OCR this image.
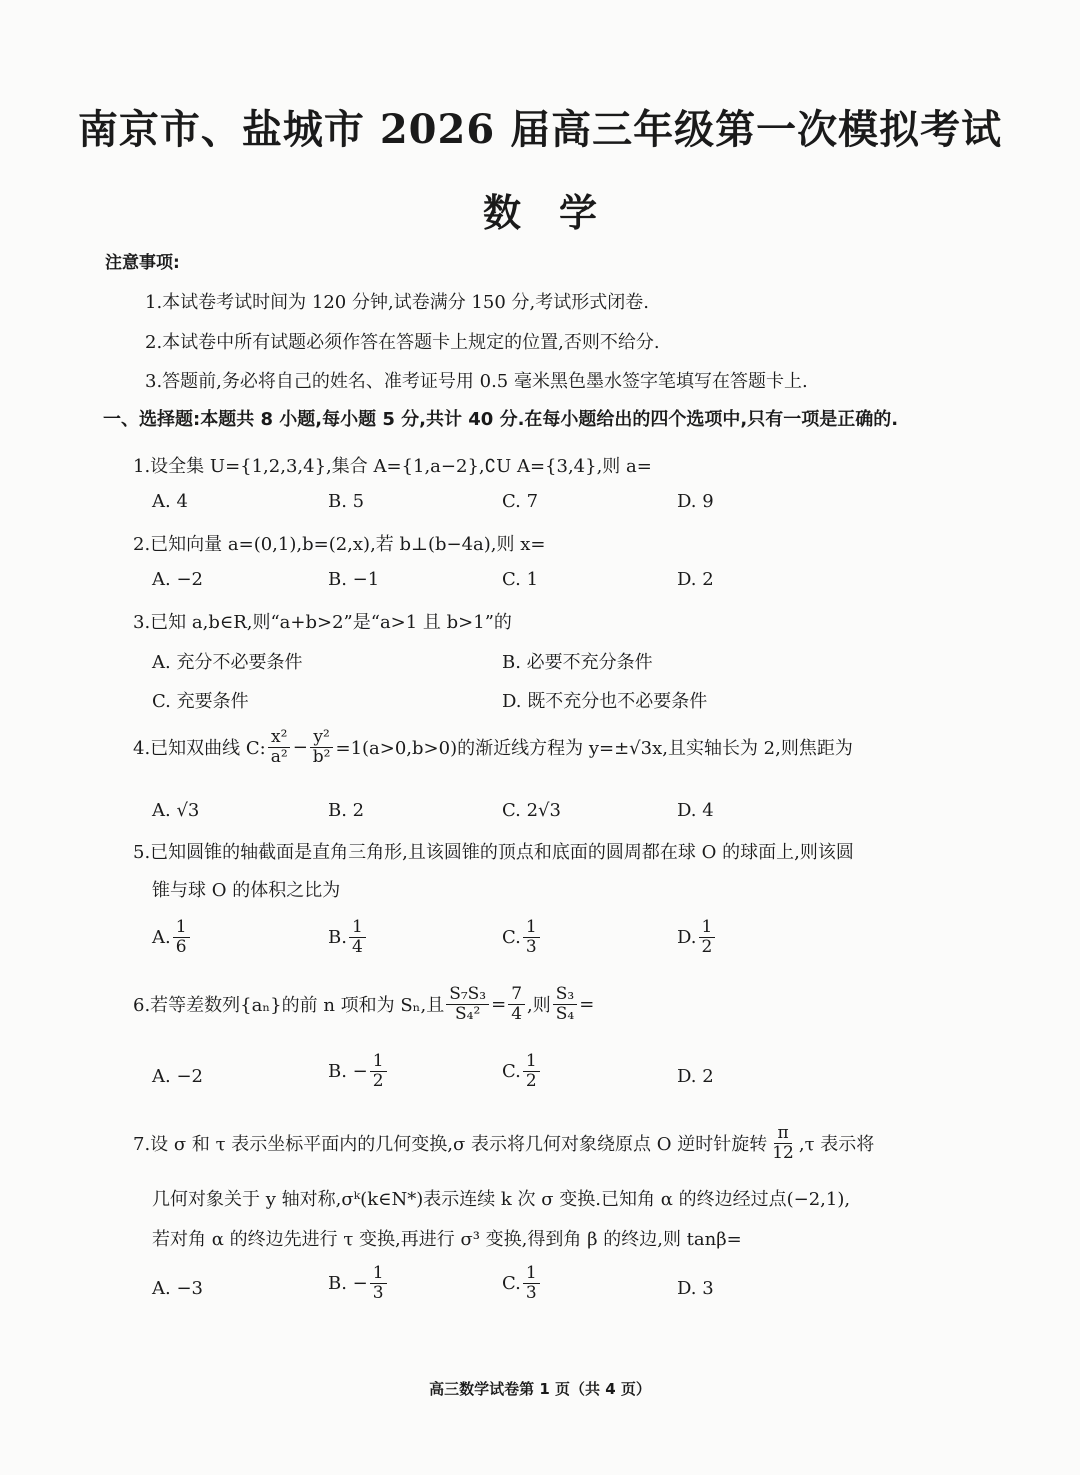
南京市、盐城市 2026 届高三年级第一次模拟考试
数学
注意事项:
1.本试卷考试时间为 120 分钟,试卷满分 150 分,考试形式闭卷.
2.本试卷中所有试题必须作答在答题卡上规定的位置,否则不给分.
3.答题前,务必将自己的姓名、准考证号用 0.5 毫米黑色墨水签字笔填写在答题卡上.
一、选择题:本题共 8 小题,每小题 5 分,共计 40 分.在每小题给出的四个选项中,只有一项是正确的.
1.设全集 U={1,2,3,4},集合 A={1,a−2},∁U A={3,4},则 a=
A. 4	B. 5	C. 7	D. 9
2.已知向量 a=(0,1),b=(2,x),若 b⊥(b−4a),则 x=
A. −2	B. −1	C. 1	D. 2
3.已知 a,b∈R,则“a+b>2”是“a>1 且 b>1”的
A. 充分不必要条件	B. 必要不充分条件
C. 充要条件	D. 既不充分也不必要条件
4.已知双曲线 C: $\frac{\text{x²}}{\text{a²}} - \frac{\text{y²}}{\text{b²}} =1(a>0,b>0)$的渐近线方程为 y=±√3x,且实轴长为 2,则焦距为
A. √3	B. 2	C. 2√3	D. 4
5.已知圆锥的轴截面是直角三角形,且该圆锥的顶点和底面的圆周都在球 O 的球面上,则该圆
锥与球 O 的体积之比为
A. $\frac{1}{6}$	B. $\frac{1}{4}$	C. $\frac{1}{3}$	D. $\frac{1}{2}$
6.若等差数列{aₙ}的前 n 项和为 Sₙ,且 $\frac{\text{S₇S₃}}{\text{S₄²}} = \frac{7}{4}$ ,则 $\frac{\text{S₃}}{\text{S₄}}$ =
A. −2	B. − $\frac{1}{2}$	C. $\frac{1}{2}$	D. 2
7.设 σ 和 τ 表示坐标平面内的几何变换,σ 表示将几何对象绕原点 O 逆时针旋转 $\frac{\pi}{12} ,\tau$ 表示将
几何对象关于 y 轴对称,σᵏ(k∈N*)表示连续 k 次 σ 变换.已知角 α 的终边经过点(−2,1),
若对角 α 的终边先进行 τ 变换,再进行 σ³ 变换,得到角 β 的终边,则 tanβ=
A. −3	B. − $\frac{1}{3}$	C. $\frac{1}{3}$	D. 3
高三数学试卷第 1 页（共 4 页）
